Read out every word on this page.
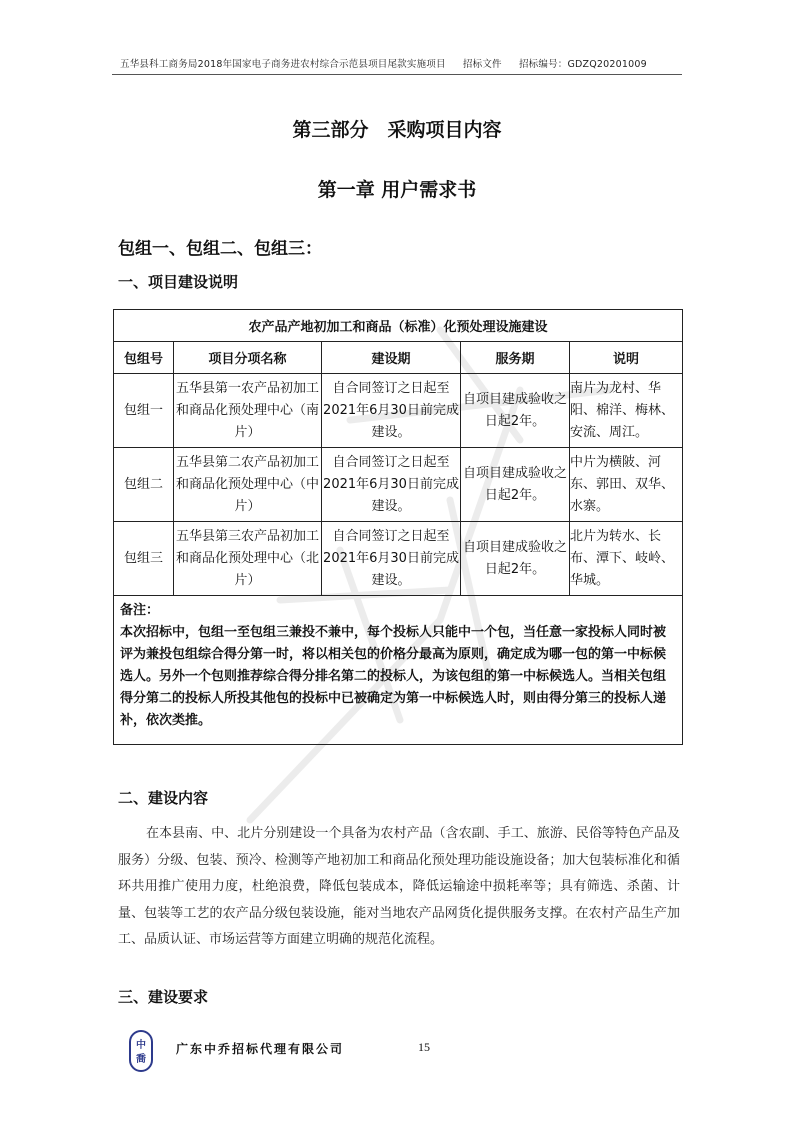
五华县科工商务局2018年国家电子商务进农村综合示范县项目尾款实施项目 招标文件 招标编号：GDZQ20201009
第三部分　采购项目内容
第一章 用户需求书
包组一、包组二、包组三：
一、项目建设说明
农产品产地初加工和商品（标准）化预处理设施建设				
包组号	项目分项名称	建设期	服务期	说明
包组一	五华县第一农产品初加工和商品化预处理中心（南片）	自合同签订之日起至2021年6月30日前完成建设。	自项目建成验收之日起2年。	南片为龙村、华阳、棉洋、梅林、安流、周江。
包组二	五华县第二农产品初加工和商品化预处理中心（中片）	自合同签订之日起至2021年6月30日前完成建设。	自项目建成验收之日起2年。	中片为横陂、河东、郭田、双华、水寨。
包组三	五华县第三农产品初加工和商品化预处理中心（北片）	自合同签订之日起至2021年6月30日前完成建设。	自项目建成验收之日起2年。	北片为转水、长布、潭下、岐岭、华城。

备注：
本次招标中，包组一至包组三兼投不兼中，每个投标人只能中一个包，当任意一家投标人同时被评为兼投包组综合得分第一时，将以相关包的价格分最高为原则，确定成为哪一包的第一中标候选人。另外一个包则推荐综合得分排名第二的投标人，为该包组的第一中标候选人。当相关包组得分第二的投标人所投其他包的投标中已被确定为第一中标候选人时，则由得分第三的投标人递补，依次类推。				
二、建设内容
在本县南、中、北片分别建设一个具备为农村产品（含农副、手工、旅游、民俗等特色产品及服务）分级、包装、预冷、检测等产地初加工和商品化预处理功能设施设备；加大包装标准化和循环共用推广使用力度，杜绝浪费，降低包装成本，降低运输途中损耗率等；具有筛选、杀菌、计量、包装等工艺的农产品分级包装设施，能对当地农产品网货化提供服务支撑。在农村产品生产加工、品质认证、市场运营等方面建立明确的规范化流程。
三、建设要求
中
喬
广东中乔招标代理有限公司	15
